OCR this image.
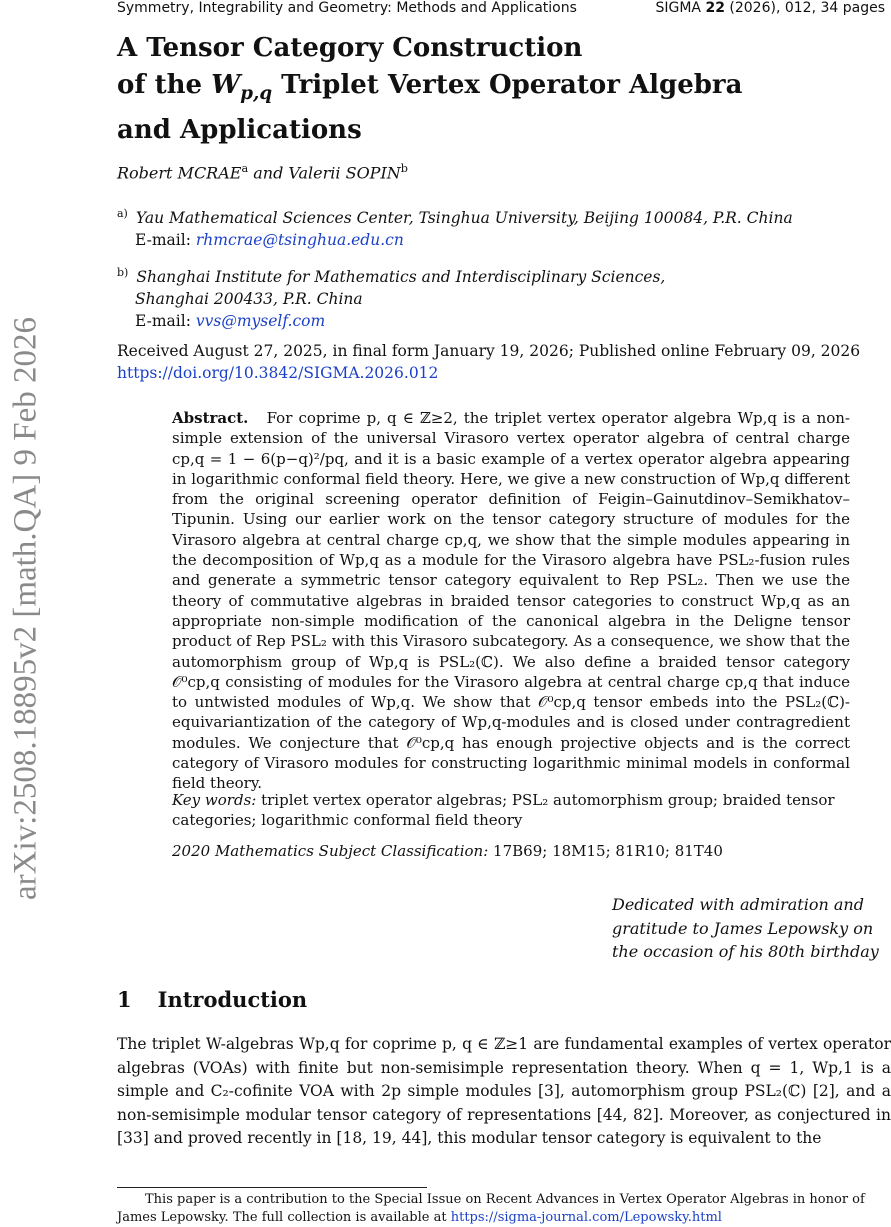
Symmetry, Integrability and Geometry: Methods and Applications	SIGMA 22 (2026), 012, 34 pages
arXiv:2508.18895v2 [math.QA] 9 Feb 2026
A Tensor Category Construction
of the $W_{p,q}$ Triplet Vertex Operator Algebra
and Applications
Robert MCRAE$^a$ and Valerii SOPIN$^b$
$^{a)}$ Yau Mathematical Sciences Center, Tsinghua University, Beijing 100084, P.R. China
E-mail: rhmcrae@tsinghua.edu.cn
$^{b)}$ Shanghai Institute for Mathematics and Interdisciplinary Sciences,
Shanghai 200433, P.R. China
E-mail: vvs@myself.com
Received August 27, 2025, in final form January 19, 2026; Published online February 09, 2026
https://doi.org/10.3842/SIGMA.2026.012
Abstract. For coprime p, q ∈ ℤ≥2, the triplet vertex operator algebra Wp,q is a non-simple extension of the universal Virasoro vertex operator algebra of central charge cp,q = 1 − 6(p−q)²/pq, and it is a basic example of a vertex operator algebra appearing in logarithmic conformal field theory. Here, we give a new construction of Wp,q different from the original screening operator definition of Feigin–Gainutdinov–Semikhatov–Tipunin. Using our earlier work on the tensor category structure of modules for the Virasoro algebra at central charge cp,q, we show that the simple modules appearing in the decomposition of Wp,q as a module for the Virasoro algebra have PSL₂-fusion rules and generate a symmetric tensor category equivalent to Rep PSL₂. Then we use the theory of commutative algebras in braided tensor categories to construct Wp,q as an appropriate non-simple modification of the canonical algebra in the Deligne tensor product of Rep PSL₂ with this Virasoro subcategory. As a consequence, we show that the automorphism group of Wp,q is PSL₂(ℂ). We also define a braided tensor category 𝒪⁰cp,q consisting of modules for the Virasoro algebra at central charge cp,q that induce to untwisted modules of Wp,q. We show that 𝒪⁰cp,q tensor embeds into the PSL₂(ℂ)-equivariantization of the category of Wp,q-modules and is closed under contragredient modules. We conjecture that 𝒪⁰cp,q has enough projective objects and is the correct category of Virasoro modules for constructing logarithmic minimal models in conformal field theory.
Key words: triplet vertex operator algebras; PSL₂ automorphism group; braided tensor categories; logarithmic conformal field theory
2020 Mathematics Subject Classification: 17B69; 18M15; 81R10; 81T40
Dedicated with admiration and
gratitude to James Lepowsky on
the occasion of his 80th birthday
1 Introduction
The triplet W-algebras Wp,q for coprime p, q ∈ ℤ≥1 are fundamental examples of vertex operator algebras (VOAs) with finite but non-semisimple representation theory. When q = 1, Wp,1 is a simple and C₂-cofinite VOA with 2p simple modules [3], automorphism group PSL₂(ℂ) [2], and a non-semisimple modular tensor category of representations [44, 82]. Moreover, as conjectured in [33] and proved recently in [18, 19, 44], this modular tensor category is equivalent to the
This paper is a contribution to the Special Issue on Recent Advances in Vertex Operator Algebras in honor of James Lepowsky. The full collection is available at https://sigma-journal.com/Lepowsky.html
